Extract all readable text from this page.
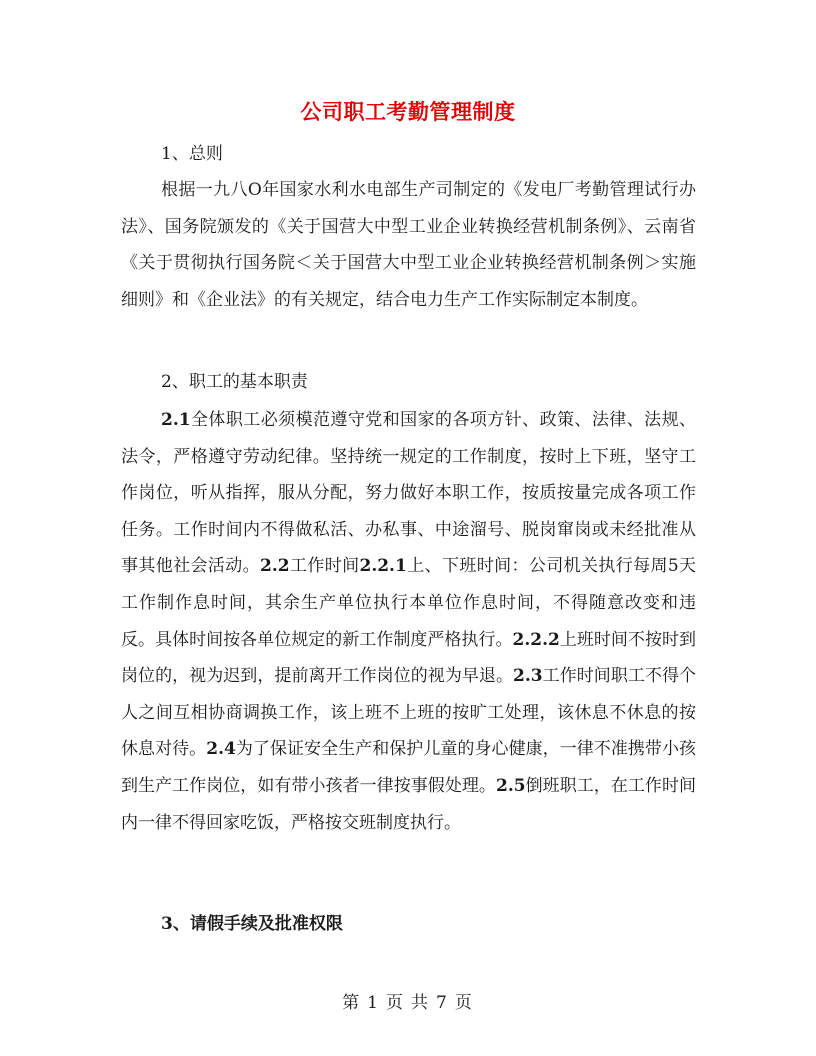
公司职工考勤管理制度
1、总则
根据一九八O年国家水利水电部生产司制定的《发电厂考勤管理试行办法》、国务院颁发的《关于国营大中型工业企业转换经营机制条例》、云南省《关于贯彻执行国务院＜关于国营大中型工业企业转换经营机制条例＞实施细则》和《企业法》的有关规定，结合电力生产工作实际制定本制度。
2、职工的基本职责
2.1全体职工必须模范遵守党和国家的各项方针、政策、法律、法规、法令，严格遵守劳动纪律。坚持统一规定的工作制度，按时上下班，坚守工作岗位，听从指挥，服从分配，努力做好本职工作，按质按量完成各项工作任务。工作时间内不得做私活、办私事、中途溜号、脱岗窜岗或未经批准从事其他社会活动。2.2工作时间2.2.1上、下班时间：公司机关执行每周5天工作制作息时间，其余生产单位执行本单位作息时间，不得随意改变和违反。具体时间按各单位规定的新工作制度严格执行。2.2.2上班时间不按时到岗位的，视为迟到，提前离开工作岗位的视为早退。2.3工作时间职工不得个人之间互相协商调换工作，该上班不上班的按旷工处理，该休息不休息的按休息对待。2.4为了保证安全生产和保护儿童的身心健康，一律不准携带小孩到生产工作岗位，如有带小孩者一律按事假处理。2.5倒班职工，在工作时间内一律不得回家吃饭，严格按交班制度执行。
3、请假手续及批准权限
第 1 页 共 7 页
